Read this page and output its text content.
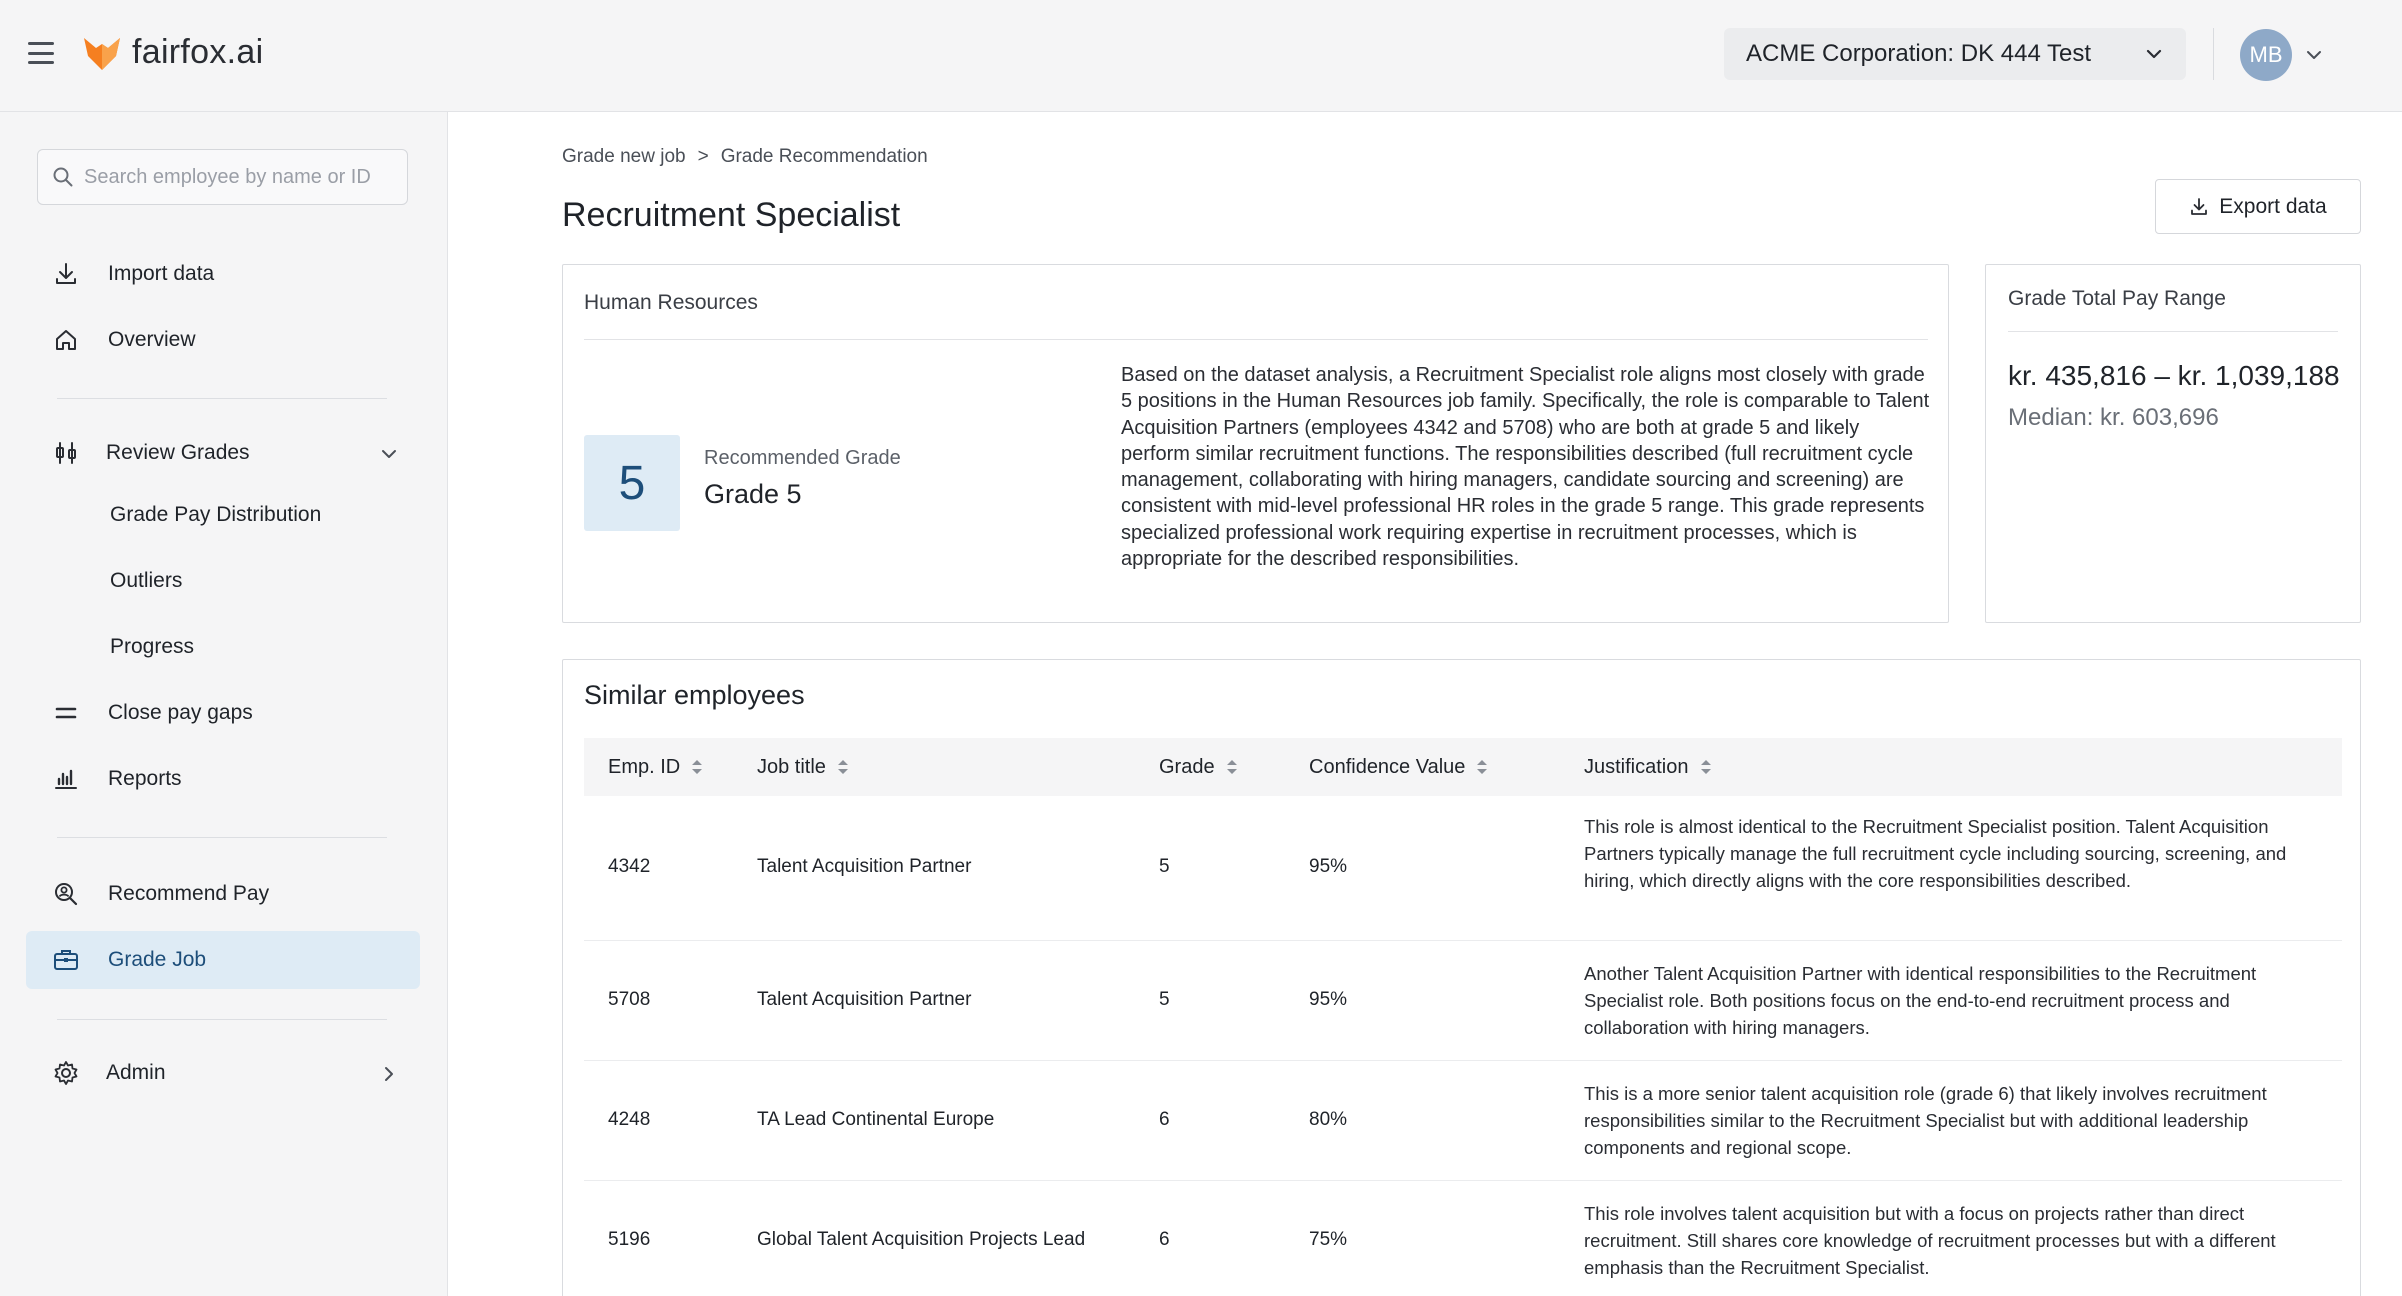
fairfox.ai	ACME Corporation: DK 444 Test	MB
Search employee by name or ID
Import data
Overview
Review Grades
Grade Pay Distribution
Outliers
Progress
Close pay gaps
Reports
Recommend Pay
Grade Job
Admin
Grade new job > Grade Recommendation
Recruitment Specialist	Export data
Human Resources
5	Recommended Grade
Grade 5
Based on the dataset analysis, a Recruitment Specialist role aligns most closely with grade 5 positions in the Human Resources job family. Specifically, the role is comparable to Talent Acquisition Partners (employees 4342 and 5708) who are both at grade 5 and likely perform similar recruitment functions. The responsibilities described (full recruitment cycle management, collaborating with hiring managers, candidate sourcing and screening) are consistent with mid-level professional HR roles in the grade 5 range. This grade represents specialized professional work requiring expertise in recruitment processes, which is appropriate for the described responsibilities.
Grade Total Pay Range
kr. 435,816 – kr. 1,039,188
Median: kr. 603,696
Similar employees
Emp. ID	Job title	Grade	Confidence Value	Justification
4342	Talent Acquisition Partner	5	95%
This role is almost identical to the Recruitment Specialist position. Talent Acquisition Partners typically manage the full recruitment cycle including sourcing, screening, and hiring, which directly aligns with the core responsibilities described.
5708	Talent Acquisition Partner	5	95%
Another Talent Acquisition Partner with identical responsibilities to the Recruitment Specialist role. Both positions focus on the end-to-end recruitment process and collaboration with hiring managers.
4248	TA Lead Continental Europe	6	80%
This is a more senior talent acquisition role (grade 6) that likely involves recruitment responsibilities similar to the Recruitment Specialist but with additional leadership components and regional scope.
5196	Global Talent Acquisition Projects Lead	6	75%
This role involves talent acquisition but with a focus on projects rather than direct recruitment. Still shares core knowledge of recruitment processes but with a different emphasis than the Recruitment Specialist.
